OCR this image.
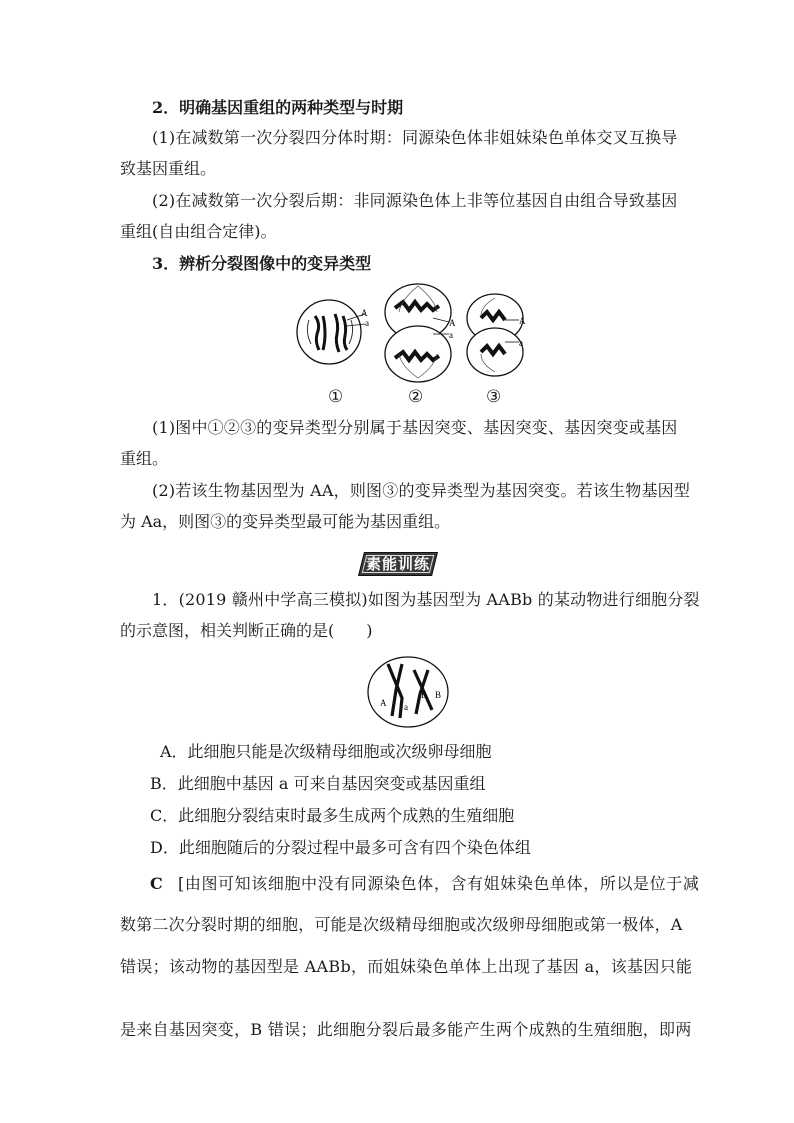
2．明确基因重组的两种类型与时期
(1)在减数第一次分裂四分体时期：同源染色体非姐妹染色单体交叉互换导
致基因重组。
(2)在减数第一次分裂后期：非同源染色体上非等位基因自由组合导致基因
重组(自由组合定律)。
3．辨析分裂图像中的变异类型
A
a	A
a
A
a
①	②	③
(1)图中①②③的变异类型分别属于基因突变、基因突变、基因突变或基因
重组。
(2)若该生物基因型为 AA，则图③的变异类型为基因突变。若该生物基因型
为 Aa，则图③的变异类型最可能为基因重组。
素能训练
1．(2019 赣州中学高三模拟)如图为基因型为 AABb 的某动物进行细胞分裂
的示意图，相关判断正确的是(　　)
A a
B B
A．此细胞只能是次级精母细胞或次级卵母细胞
B．此细胞中基因 a 可来自基因突变或基因重组
C．此细胞分裂结束时最多生成两个成熟的生殖细胞
D．此细胞随后的分裂过程中最多可含有四个染色体组
C [由图可知该细胞中没有同源染色体，含有姐妹染色单体，所以是位于减
数第二次分裂时期的细胞，可能是次级精母细胞或次级卵母细胞或第一极体，A
错误；该动物的基因型是 AABb，而姐妹染色单体上出现了基因 a，该基因只能
是来自基因突变，B 错误；此细胞分裂后最多能产生两个成熟的生殖细胞，即两
